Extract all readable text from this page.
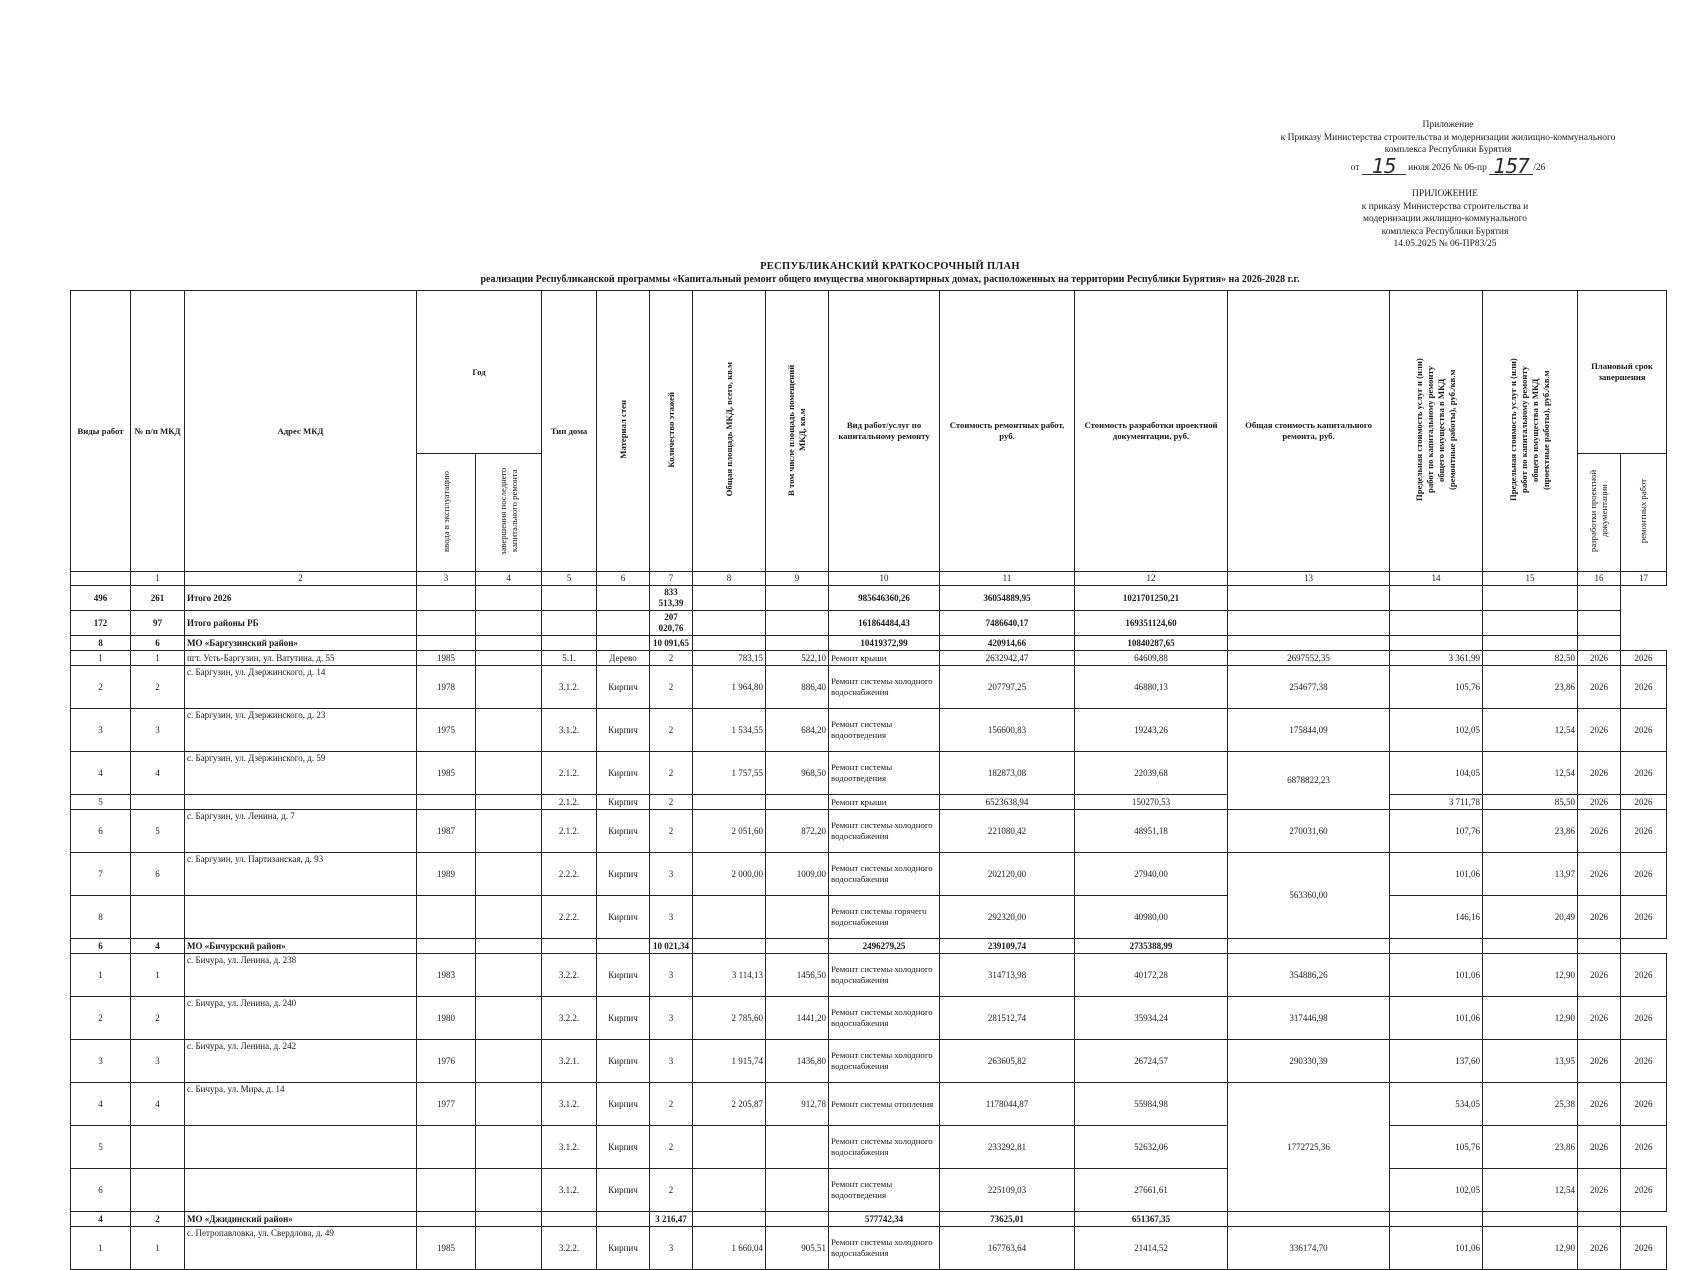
Приложение
к Приказу Министерства строительства и модернизации жилищно-коммунального
комплекса Республики Бурятия
от 15 июля 2026 № 06-пр 157 /26
ПРИЛОЖЕНИЕ
к приказу Министерства строительства и
модернизации жилищно-коммунального
комплекса Республики Бурятия
14.05.2025 № 06-ПР83/25
РЕСПУБЛИКАНСКИЙ КРАТКОСРОЧНЫЙ ПЛАН
реализации Республиканской программы «Капитальный ремонт общего имущества многоквартирных домах, расположенных на территории Республики Бурятия» на 2026-2028 г.г.
Виды работ	№ п/п МКД	Адрес МКД	Год		Тип дома	Материал стен	Количество этажей	Общая площадь МКД, всего, кв.м	В том числе площадь помещений МКД, кв.м	Вид работ/услуг по капитальному ремонту	Стоимость ремонтных работ, руб.	Стоимость разработки проектной документации, руб.	Общая стоимость капитального ремонта, руб.	Предельная стоимость услуг и (или) работ по капитальному ремонту общего имущества в МКД (ремонтные работы), руб./кв.м	Предельная стоимость услуг и (или) работ по капитальному ремонту общего имущества в МКД (проектные работы), руб./кв.м	Плановый срок завершения	
			ввода в эксплуатацию	завершения последнего капитального ремонта												разработки проектной документации	ремонтных работ
	1	2	3	4	5	6	7	8	9	10	11	12	13	14	15	16	17
496	261	Итого 2026					833 513,39			985646360,26	36054889,95	1021701250,21					
172	97	Итого районы РБ					207 020,76			161864484,43	7486640,17	169351124,60					
8	6	МО «Баргузинский район»					10 091,65			10419372,99	420914,66	10840287,65					
1	1	пгт. Усть-Баргузин, ул. Ватутина, д. 55	1985		5.1.	Дерево	2	783,15	522,10	Ремонт крыши	2632942,47	64609,88	2697552,35	3 361,99	82,50	2026	2026
2	2	с. Баргузин, ул. Дзержинского, д. 14	1978		3.1.2.	Кирпич	2	1 964,80	886,40	Ремонт системы холодного водоснабжения	207797,25	46880,13	254677,38	105,76	23,86	2026	2026
3	3	с. Баргузин, ул. Дзержинского, д. 23	1975		3.1.2.	Кирпич	2	1 534,55	684,20	Ремонт системы водоотведения	156600,83	19243,26	175844,09	102,05	12,54	2026	2026
4	4	с. Баргузин, ул. Дзержинского, д. 59	1985		2.1.2.	Кирпич	2	1 757,55	968,50	Ремонт системы водоотведения	182873,08	22039,68	6878822,23	104,05	12,54	2026	2026
5					2.1.2.	Кирпич	2			Ремонт крыши	6523638,94	150270,53		3 711,78	85,50	2026	2026
6	5	с. Баргузин, ул. Ленина, д. 7	1987		2.1.2.	Кирпич	2	2 051,60	872,20	Ремонт системы холодного водоснабжения	221080,42	48951,18	270031,60	107,76	23,86	2026	2026
7	6	с. Баргузин, ул. Партизанская, д. 93	1989		2.2.2.	Кирпич	3	2 000,00	1009,00	Ремонт системы холодного водоснабжения	202120,00	27940,00	563360,00	101,06	13,97	2026	2026
8					2.2.2.	Кирпич	3			Ремонт системы горячего водоснабжения	292320,00	40980,00		146,16	20,49	2026	2026
6	4	МО «Бичурский район»					10 021,34			2496279,25	239109,74	2735388,99					
1	1	с. Бичура, ул. Ленина, д. 238	1983		3.2.2.	Кирпич	3	3 114,13	1456,50	Ремонт системы холодного водоснабжения	314713,98	40172,28	354886,26	101,06	12,90	2026	2026
2	2	с. Бичура, ул. Ленина, д. 240	1980		3.2.2.	Кирпич	3	2 785,60	1441,20	Ремонт системы холодного водоснабжения	281512,74	35934,24	317446,98	101,06	12,90	2026	2026
3	3	с. Бичура, ул. Ленина, д. 242	1976		3.2.1.	Кирпич	3	1 915,74	1436,80	Ремонт системы холодного водоснабжения	263605,82	26724,57	290330,39	137,60	13,95	2026	2026
4	4	с. Бичура, ул. Мира, д. 14	1977		3.1.2.	Кирпич	2	2 205,87	912,78	Ремонт системы отопления	1178044,87	55984,98	1772725,36	534,05	25,38	2026	2026
5					3.1.2.	Кирпич	2			Ремонт системы холодного водоснабжения	233292,81	52632,06		105,76	23,86	2026	2026
6					3.1.2.	Кирпич	2			Ремонт системы водоотведения	225109,03	27661,61		102,05	12,54	2026	2026
4	2	МО «Джидинский район»					3 216,47			577742,34	73625,01	651367,35					
1	1	с. Петропавловка, ул. Свердлова, д. 49	1985		3.2.2.	Кирпич	3	1 660,04	905,51	Ремонт системы холодного водоснабжения	167763,64	21414,52	336174,70	101,06	12,90	2026	2026
